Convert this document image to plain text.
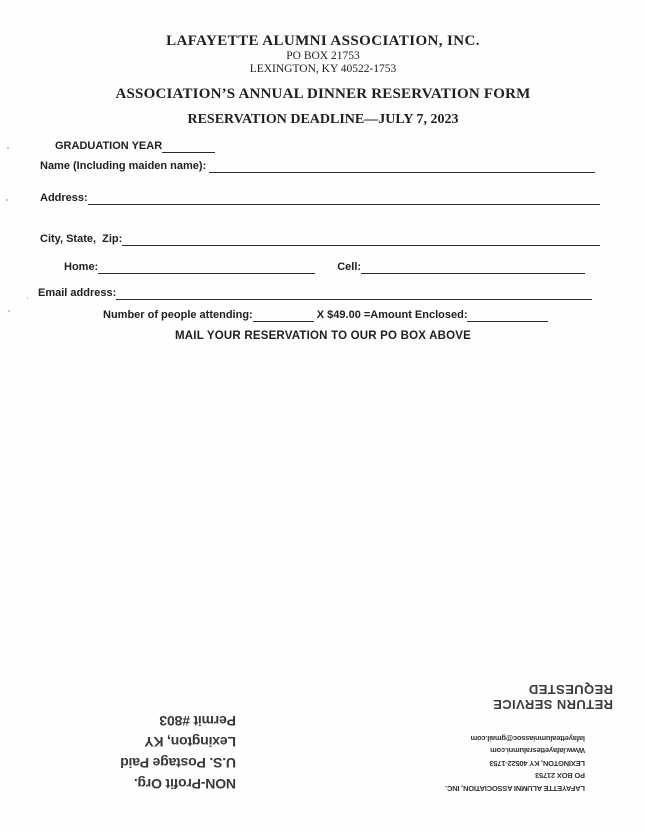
LAFAYETTE ALUMNI ASSOCIATION, INC.
PO BOX 21753
LEXINGTON, KY 40522-1753
ASSOCIATION’S ANNUAL DINNER RESERVATION FORM
RESERVATION DEADLINE—JULY 7, 2023
GRADUATION YEAR
Name (Including maiden name):
Address:
City, State,  Zip:
Home:	Cell:
Email address:
Number of people attending:	X $49.00 =Amount Enclosed:
MAIL YOUR RESERVATION TO OUR PO BOX ABOVE
NON-Profit Org.
U.S. Postage Paid
Lexington, KY
Permit #803
RETURN SERVICE REQUESTED
LAFAYETTE ALUMNI ASSOCIATION, INC.
PO BOX 21753
LEXINGTON, KY 40522-1753
Www.lafayettesralumni.com
lafayettealumniassoc@gmail.com
